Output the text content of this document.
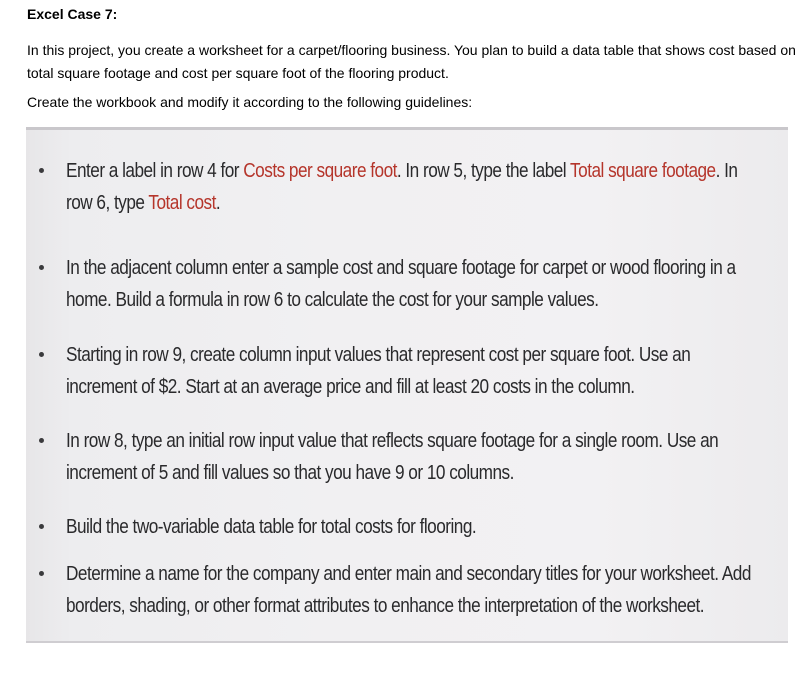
Excel Case 7:
In this project, you create a worksheet for a carpet/flooring business. You plan to build a data table that shows cost based on total square footage and cost per square foot of the flooring product.
Create the workbook and modify it according to the following guidelines:
Enter a label in row 4 for Costs per square foot. In row 5, type the label Total square footage. In row 6, type Total cost.
In the adjacent column enter a sample cost and square footage for carpet or wood flooring in a home. Build a formula in row 6 to calculate the cost for your sample values.
Starting in row 9, create column input values that represent cost per square foot. Use an increment of $2. Start at an average price and fill at least 20 costs in the column.
In row 8, type an initial row input value that reflects square footage for a single room. Use an increment of 5 and fill values so that you have 9 or 10 columns.
Build the two-variable data table for total costs for flooring.
Determine a name for the company and enter main and secondary titles for your worksheet. Add borders, shading, or other format attributes to enhance the interpretation of the worksheet.
